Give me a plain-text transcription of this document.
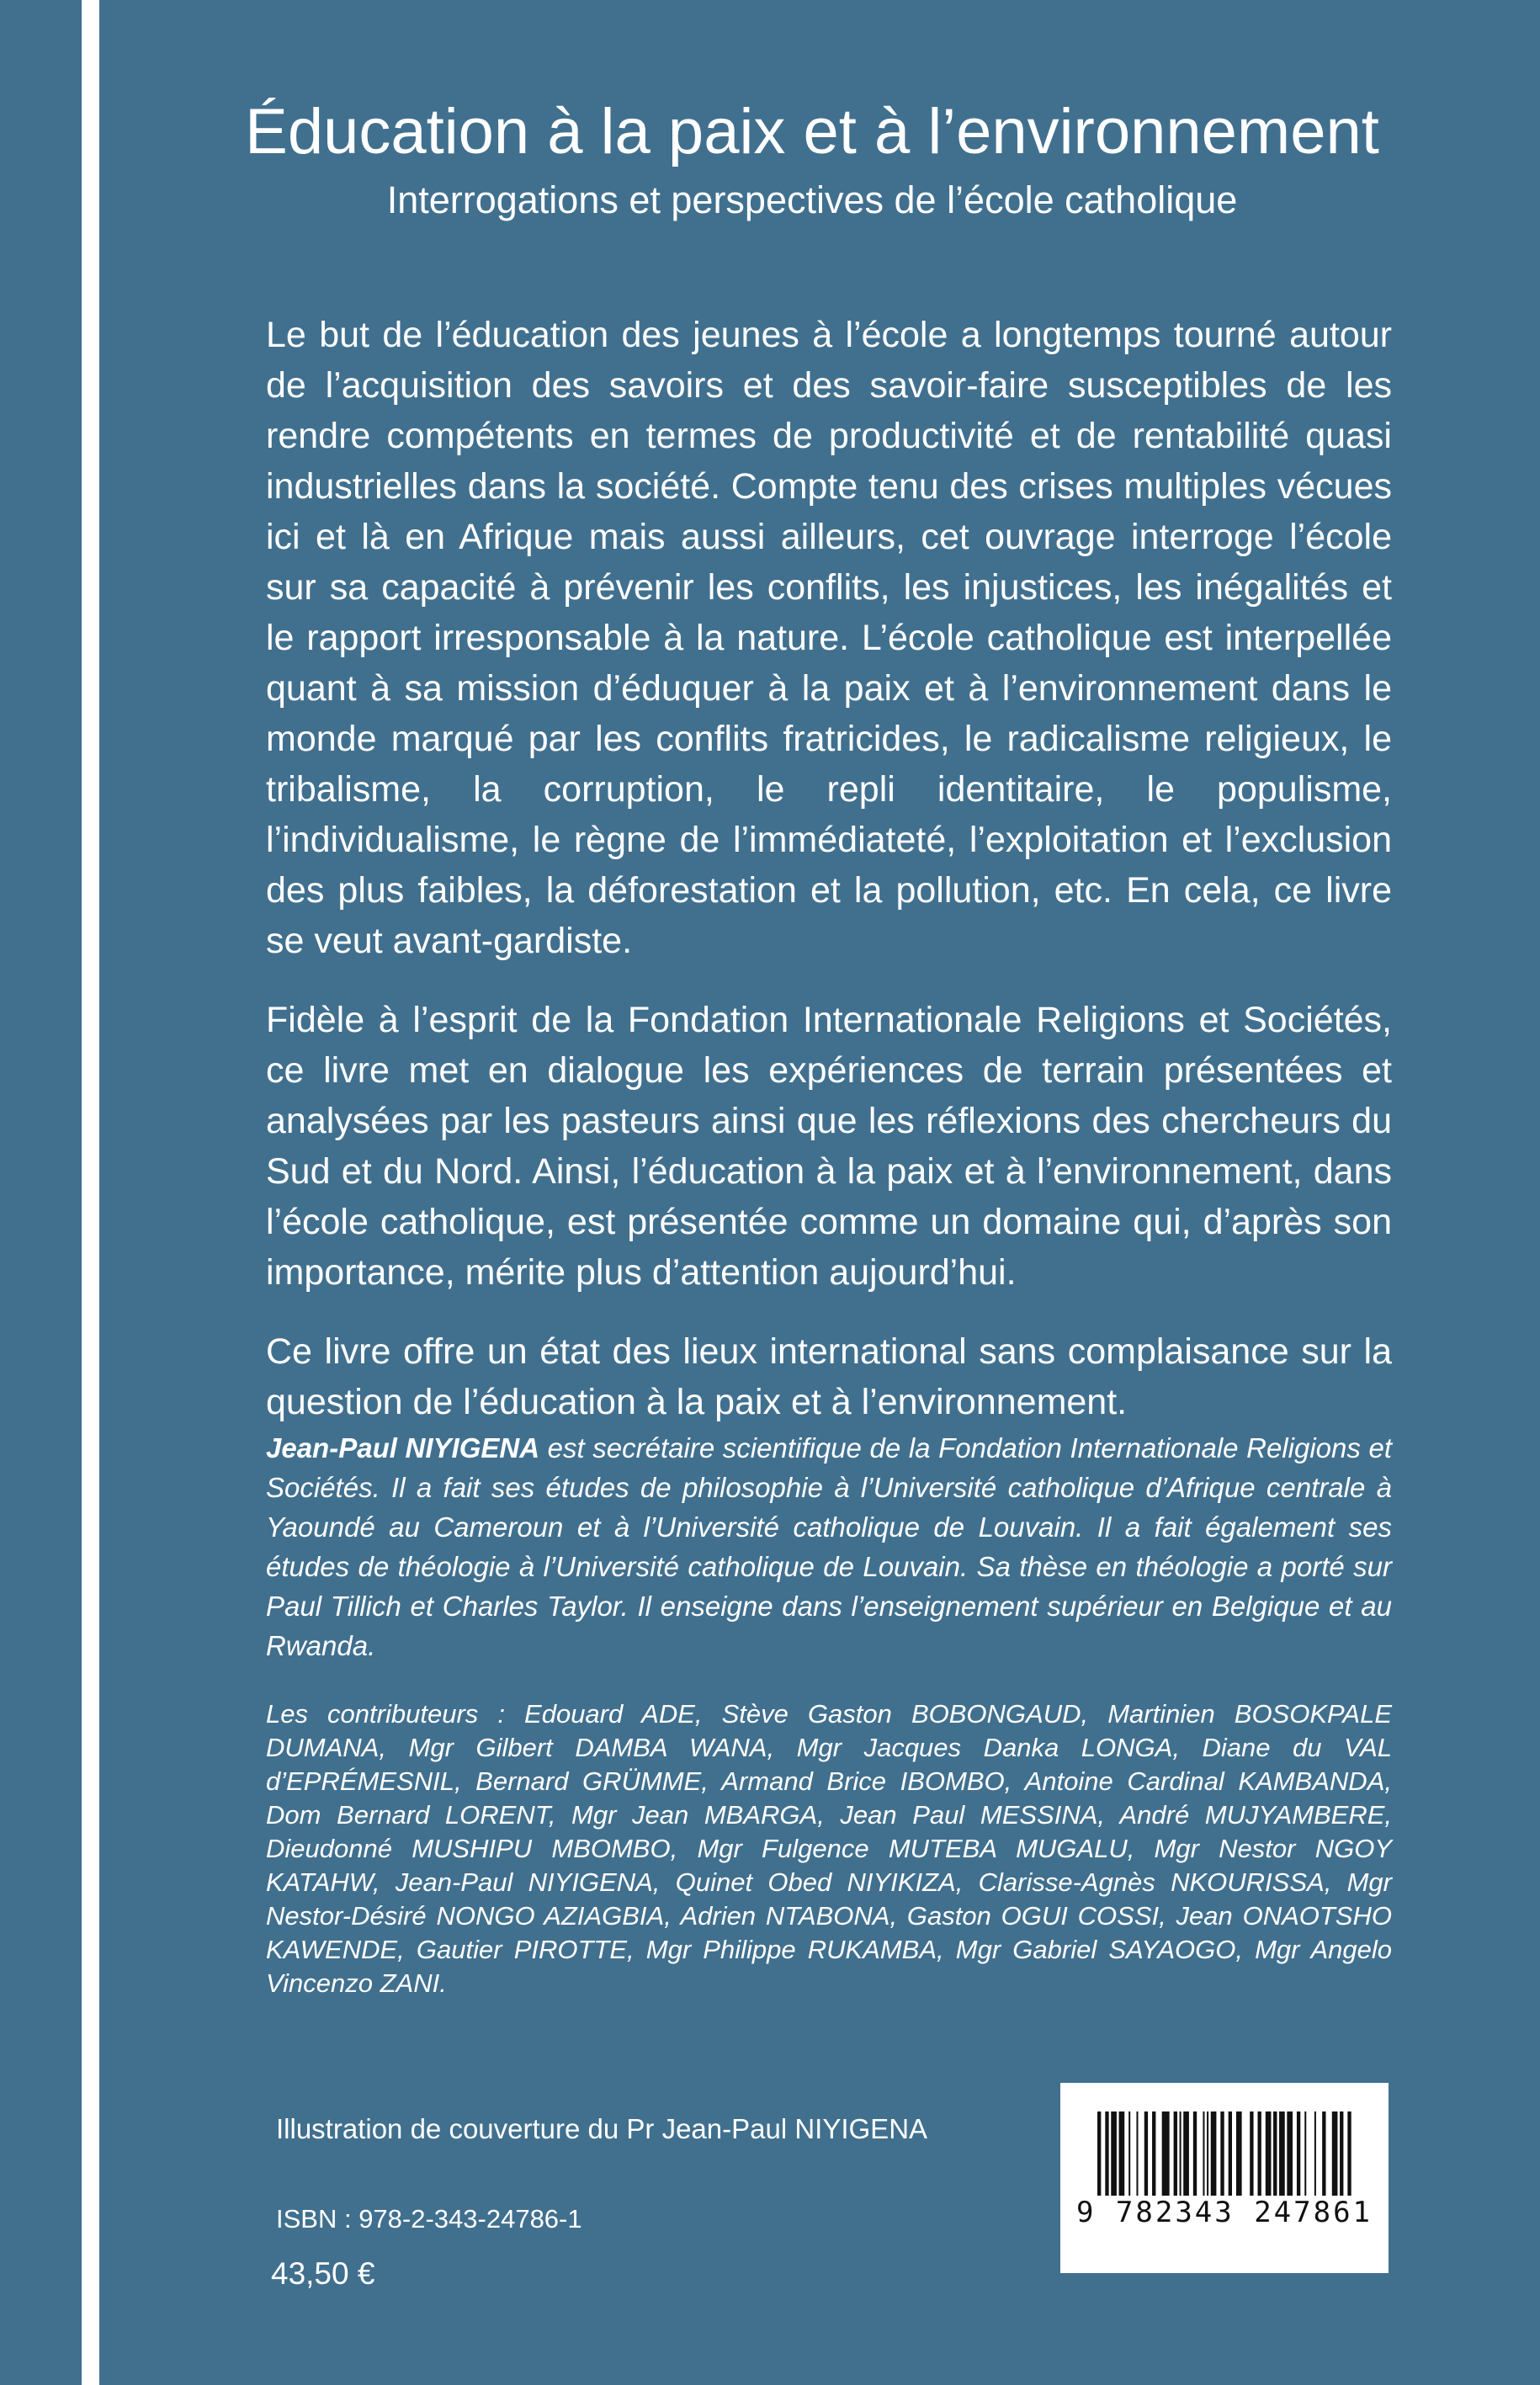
Éducation à la paix et à l’environnement
Interrogations et perspectives de l’école catholique

Le but de l’éducation des jeunes à l’école a longtemps tourné autour de l’acquisition des savoirs et des savoir-faire susceptibles de les rendre compétents en termes de productivité et de rentabilité quasi industrielles dans la société. Compte tenu des crises multiples vécues ici et là en Afrique mais aussi ailleurs, cet ouvrage interroge l’école sur sa capacité à prévenir les conflits, les injustices, les inégalités et le rapport irresponsable à la nature. L’école catholique est interpellée quant à sa mission d’éduquer à la paix et à l’environnement dans le monde marqué par les conflits fratricides, le radicalisme religieux, le tribalisme, la corruption, le repli identitaire, le populisme, l’individualisme, le règne de l’immédiateté, l’exploitation et l’exclusion des plus faibles, la déforestation et la pollution, etc. En cela, ce livre se veut avant-gardiste.

Fidèle à l’esprit de la Fondation Internationale Religions et Sociétés, ce livre met en dialogue les expériences de terrain présentées et analysées par les pasteurs ainsi que les réflexions des chercheurs du Sud et du Nord. Ainsi, l’éducation à la paix et à l’environnement, dans l’école catholique, est présentée comme un domaine qui, d’après son importance, mérite plus d’attention aujourd’hui.

Ce livre offre un état des lieux international sans complaisance sur la question de l’éducation à la paix et à l’environnement.

Jean-Paul NIYIGENA est secrétaire scientifique de la Fondation Internationale Religions et Sociétés. Il a fait ses études de philosophie à l’Université catholique d’Afrique centrale à Yaoundé au Cameroun et à l’Université catholique de Louvain. Il a fait également ses études de théologie à l’Université catholique de Louvain. Sa thèse en théologie a porté sur Paul Tillich et Charles Taylor. Il enseigne dans l’enseignement supérieur en Belgique et au Rwanda.

Les contributeurs : Edouard ADE, Stève Gaston BOBONGAUD, Martinien BOSOKPALE DUMANA, Mgr Gilbert DAMBA WANA, Mgr Jacques Danka LONGA, Diane du VAL d’EPRÉMESNIL, Bernard GRÜMME, Armand Brice IBOMBO, Antoine Cardinal KAMBANDA, Dom Bernard LORENT, Mgr Jean MBARGA, Jean Paul MESSINA, André MUJYAMBERE, Dieudonné MUSHIPU MBOMBO, Mgr Fulgence MUTEBA MUGALU, Mgr Nestor NGOY KATAHW, Jean-Paul NIYIGENA, Quinet Obed NIYIKIZA, Clarisse-Agnès NKOURISSA, Mgr Nestor-Désiré NONGO AZIAGBIA, Adrien NTABONA, Gaston OGUI COSSI, Jean ONAOTSHO KAWENDE, Gautier PIROTTE, Mgr Philippe RUKAMBA, Mgr Gabriel SAYAOGO, Mgr Angelo Vincenzo ZANI.

Illustration de couverture du Pr Jean-Paul NIYIGENA

ISBN : 978-2-343-24786-1

43,50 €

9 782343 247861
